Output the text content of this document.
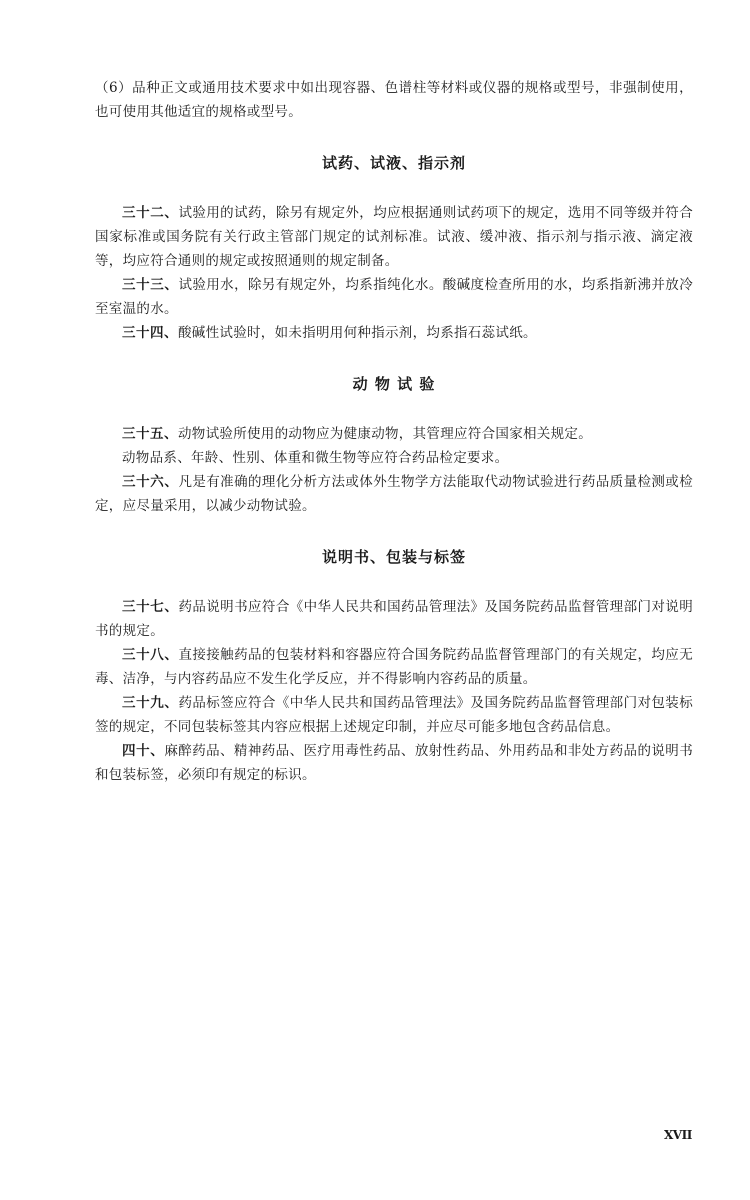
（6）品种正文或通用技术要求中如出现容器、色谱柱等材料或仪器的规格或型号，非强制使用，也可使用其他适宜的规格或型号。

试药、试液、指示剂

三十二、试验用的试药，除另有规定外，均应根据通则试药项下的规定，选用不同等级并符合国家标准或国务院有关行政主管部门规定的试剂标准。试液、缓冲液、指示剂与指示液、滴定液等，均应符合通则的规定或按照通则的规定制备。

三十三、试验用水，除另有规定外，均系指纯化水。酸碱度检查所用的水，均系指新沸并放冷至室温的水。

三十四、酸碱性试验时，如未指明用何种指示剂，均系指石蕊试纸。

动 物 试 验

三十五、动物试验所使用的动物应为健康动物，其管理应符合国家相关规定。

动物品系、年龄、性别、体重和微生物等应符合药品检定要求。

三十六、凡是有准确的理化分析方法或体外生物学方法能取代动物试验进行药品质量检测或检定，应尽量采用，以减少动物试验。

说明书、包装与标签

三十七、药品说明书应符合《中华人民共和国药品管理法》及国务院药品监督管理部门对说明书的规定。

三十八、直接接触药品的包装材料和容器应符合国务院药品监督管理部门的有关规定，均应无毒、洁净，与内容药品应不发生化学反应，并不得影响内容药品的质量。

三十九、药品标签应符合《中华人民共和国药品管理法》及国务院药品监督管理部门对包装标签的规定，不同包装标签其内容应根据上述规定印制，并应尽可能多地包含药品信息。

四十、麻醉药品、精神药品、医疗用毒性药品、放射性药品、外用药品和非处方药品的说明书和包装标签，必须印有规定的标识。

XVII
